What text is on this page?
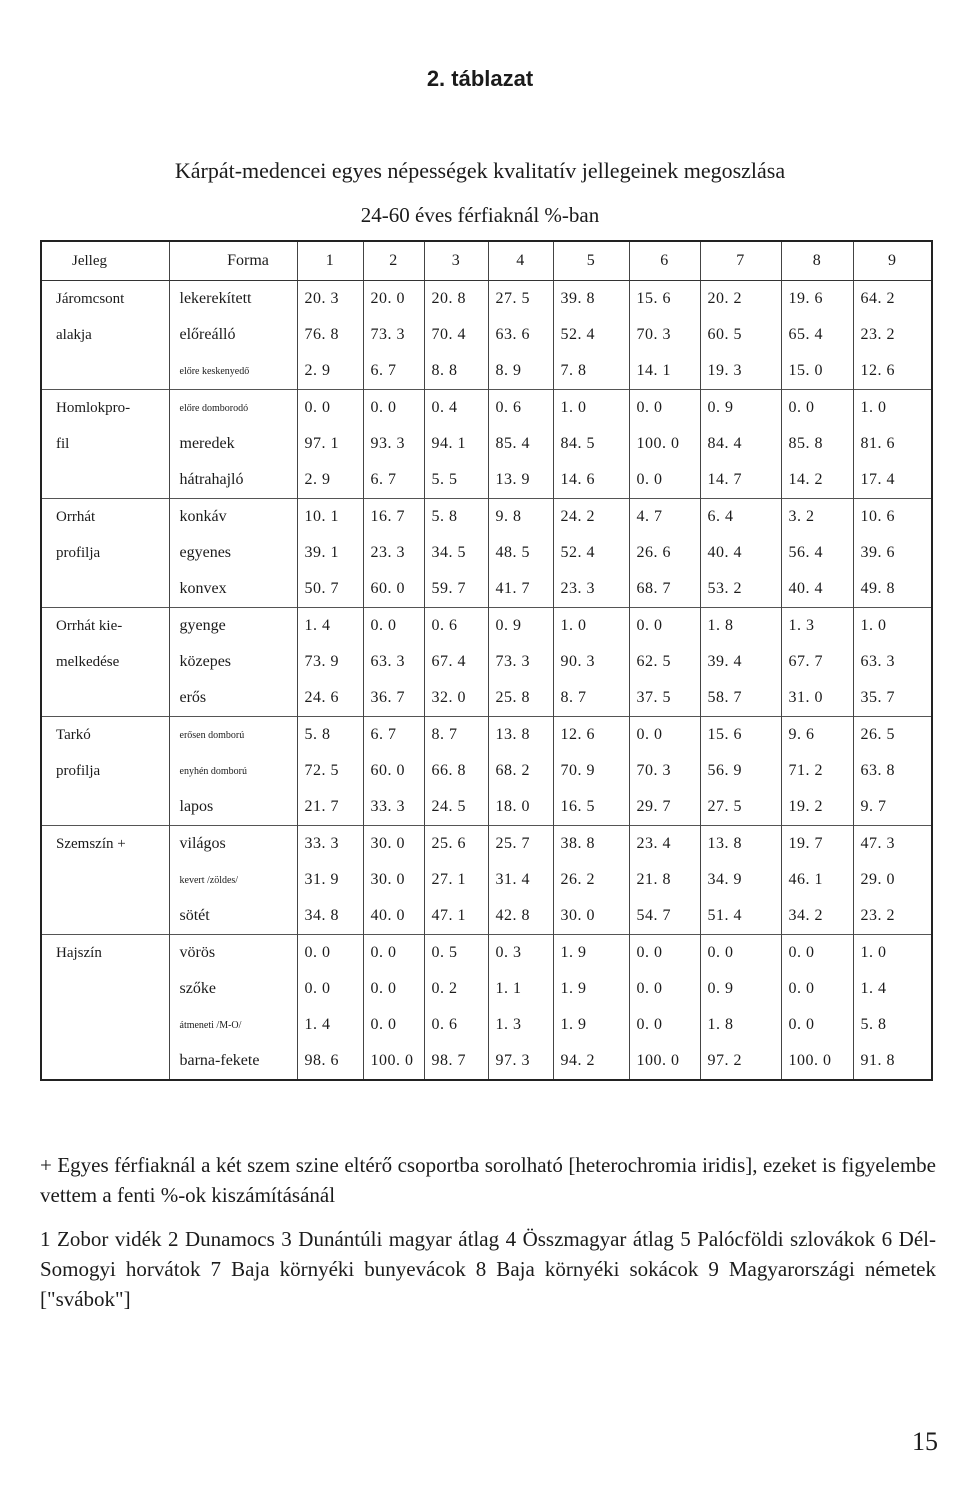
2. táblazat
Kárpát-medencei egyes népességek kvalitatív jellegeinek megoszlása
24-60 éves férfiaknál %-ban
Jelleg	Forma	1	2	3	4	5	6	7	8	9
Járomcsont	lekerekített	20. 3	20. 0	20. 8	27. 5	39. 8	15. 6	20. 2	19. 6	64. 2
alakja	előreálló	76. 8	73. 3	70. 4	63. 6	52. 4	70. 3	60. 5	65. 4	23. 2
	előre keskenyedő	2. 9	6. 7	8. 8	8. 9	7. 8	14. 1	19. 3	15. 0	12. 6
Homlokpro-	előre domborodó	0. 0	0. 0	0. 4	0. 6	1. 0	0. 0	0. 9	0. 0	1. 0
fil	meredek	97. 1	93. 3	94. 1	85. 4	84. 5	100. 0	84. 4	85. 8	81. 6
	hátrahajló	2. 9	6. 7	5. 5	13. 9	14. 6	0. 0	14. 7	14. 2	17. 4
Orrhát	konkáv	10. 1	16. 7	5. 8	9. 8	24. 2	4. 7	6. 4	3. 2	10. 6
profilja	egyenes	39. 1	23. 3	34. 5	48. 5	52. 4	26. 6	40. 4	56. 4	39. 6
	konvex	50. 7	60. 0	59. 7	41. 7	23. 3	68. 7	53. 2	40. 4	49. 8
Orrhát kie-	gyenge	1. 4	0. 0	0. 6	0. 9	1. 0	0. 0	1. 8	1. 3	1. 0
melkedése	közepes	73. 9	63. 3	67. 4	73. 3	90. 3	62. 5	39. 4	67. 7	63. 3
	erős	24. 6	36. 7	32. 0	25. 8	8. 7	37. 5	58. 7	31. 0	35. 7
Tarkó	erősen domború	5. 8	6. 7	8. 7	13. 8	12. 6	0. 0	15. 6	9. 6	26. 5
profilja	enyhén domború	72. 5	60. 0	66. 8	68. 2	70. 9	70. 3	56. 9	71. 2	63. 8
	lapos	21. 7	33. 3	24. 5	18. 0	16. 5	29. 7	27. 5	19. 2	9. 7
Szemszín +	világos	33. 3	30. 0	25. 6	25. 7	38. 8	23. 4	13. 8	19. 7	47. 3
	kevert /zöldes/	31. 9	30. 0	27. 1	31. 4	26. 2	21. 8	34. 9	46. 1	29. 0
	sötét	34. 8	40. 0	47. 1	42. 8	30. 0	54. 7	51. 4	34. 2	23. 2
Hajszín	vörös	0. 0	0. 0	0. 5	0. 3	1. 9	0. 0	0. 0	0. 0	1. 0
	szőke	0. 0	0. 0	0. 2	1. 1	1. 9	0. 0	0. 9	0. 0	1. 4
	átmeneti /M-O/	1. 4	0. 0	0. 6	1. 3	1. 9	0. 0	1. 8	0. 0	5. 8
	barna-fekete	98. 6	100. 0	98. 7	97. 3	94. 2	100. 0	97. 2	100. 0	91. 8
+ Egyes férfiaknál a két szem szine eltérő csoportba sorolható [heterochromia iridis], ezeket is figyelembe vettem a fenti %-ok kiszámításánál
1 Zobor vidék 2 Dunamocs 3 Dunántúli magyar átlag 4 Összmagyar átlag 5 Palócföldi szlovákok 6 Dél-Somogyi horvátok 7 Baja környéki bunyevácok 8 Baja környéki sokácok 9 Magyarországi németek ["svábok"]
15
